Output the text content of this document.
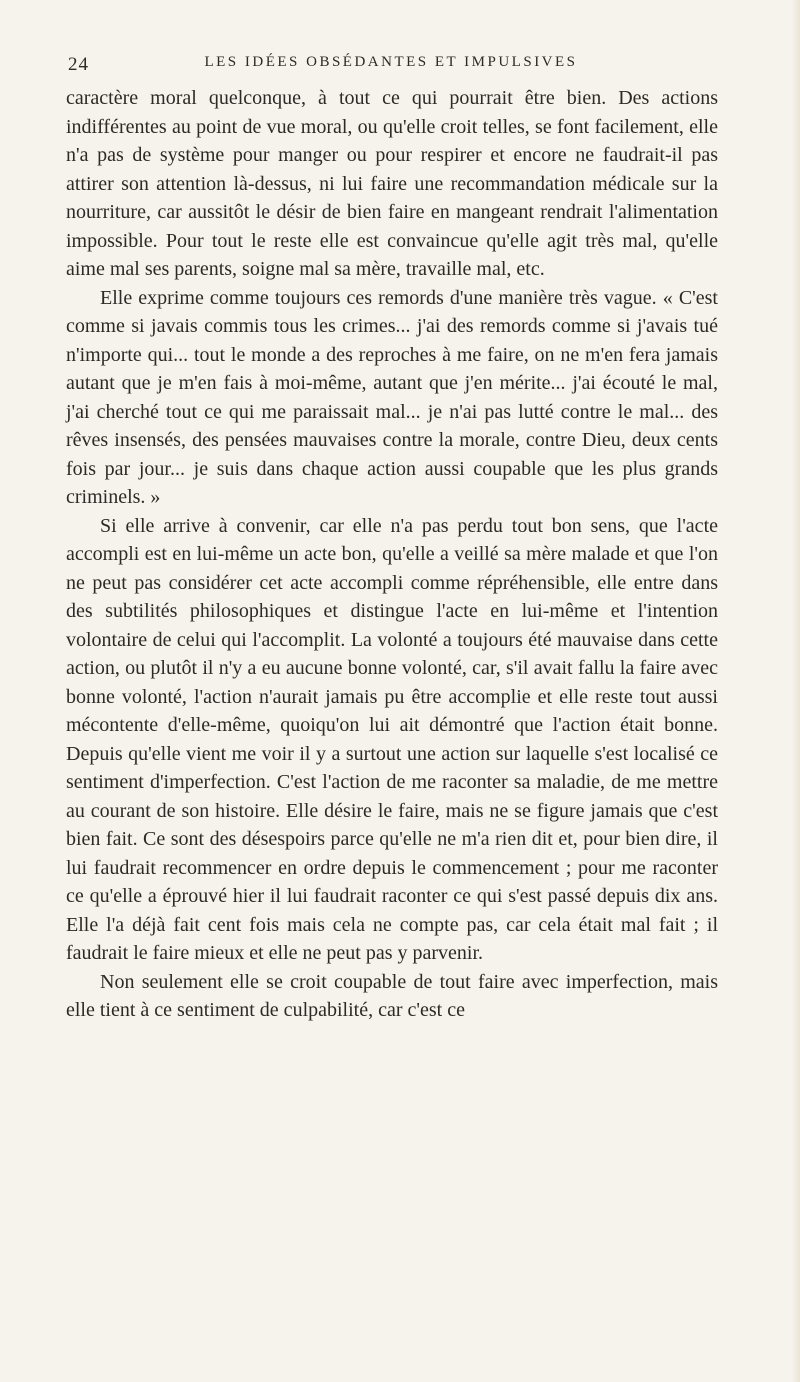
24	LES IDÉES OBSÉDANTES ET IMPULSIVES

caractère moral quelconque, à tout ce qui pourrait être bien. Des actions indifférentes au point de vue moral, ou qu'elle croit telles, se font facilement, elle n'a pas de système pour manger ou pour respirer et encore ne faudrait-il pas attirer son attention là-dessus, ni lui faire une recommandation médicale sur la nourriture, car aussitôt le désir de bien faire en mangeant rendrait l'alimentation impossible. Pour tout le reste elle est convaincue qu'elle agit très mal, qu'elle aime mal ses parents, soigne mal sa mère, travaille mal, etc.

Elle exprime comme toujours ces remords d'une manière très vague. « C'est comme si javais commis tous les crimes... j'ai des remords comme si j'avais tué n'importe qui... tout le monde a des reproches à me faire, on ne m'en fera jamais autant que je m'en fais à moi-même, autant que j'en mérite... j'ai écouté le mal, j'ai cherché tout ce qui me paraissait mal... je n'ai pas lutté contre le mal... des rêves insensés, des pensées mauvaises contre la morale, contre Dieu, deux cents fois par jour... je suis dans chaque action aussi coupable que les plus grands criminels. »

Si elle arrive à convenir, car elle n'a pas perdu tout bon sens, que l'acte accompli est en lui-même un acte bon, qu'elle a veillé sa mère malade et que l'on ne peut pas considérer cet acte accompli comme répréhensible, elle entre dans des subtilités philosophiques et distingue l'acte en lui-même et l'intention volontaire de celui qui l'accomplit. La volonté a toujours été mauvaise dans cette action, ou plutôt il n'y a eu aucune bonne volonté, car, s'il avait fallu la faire avec bonne volonté, l'action n'aurait jamais pu être accomplie et elle reste tout aussi mécontente d'elle-même, quoiqu'on lui ait démontré que l'action était bonne. Depuis qu'elle vient me voir il y a surtout une action sur laquelle s'est localisé ce sentiment d'imperfection. C'est l'action de me raconter sa maladie, de me mettre au courant de son histoire. Elle désire le faire, mais ne se figure jamais que c'est bien fait. Ce sont des désespoirs parce qu'elle ne m'a rien dit et, pour bien dire, il lui faudrait recommencer en ordre depuis le commencement ; pour me raconter ce qu'elle a éprouvé hier il lui faudrait raconter ce qui s'est passé depuis dix ans. Elle l'a déjà fait cent fois mais cela ne compte pas, car cela était mal fait ; il faudrait le faire mieux et elle ne peut pas y parvenir.

Non seulement elle se croit coupable de tout faire avec imperfection, mais elle tient à ce sentiment de culpabilité, car c'est ce
